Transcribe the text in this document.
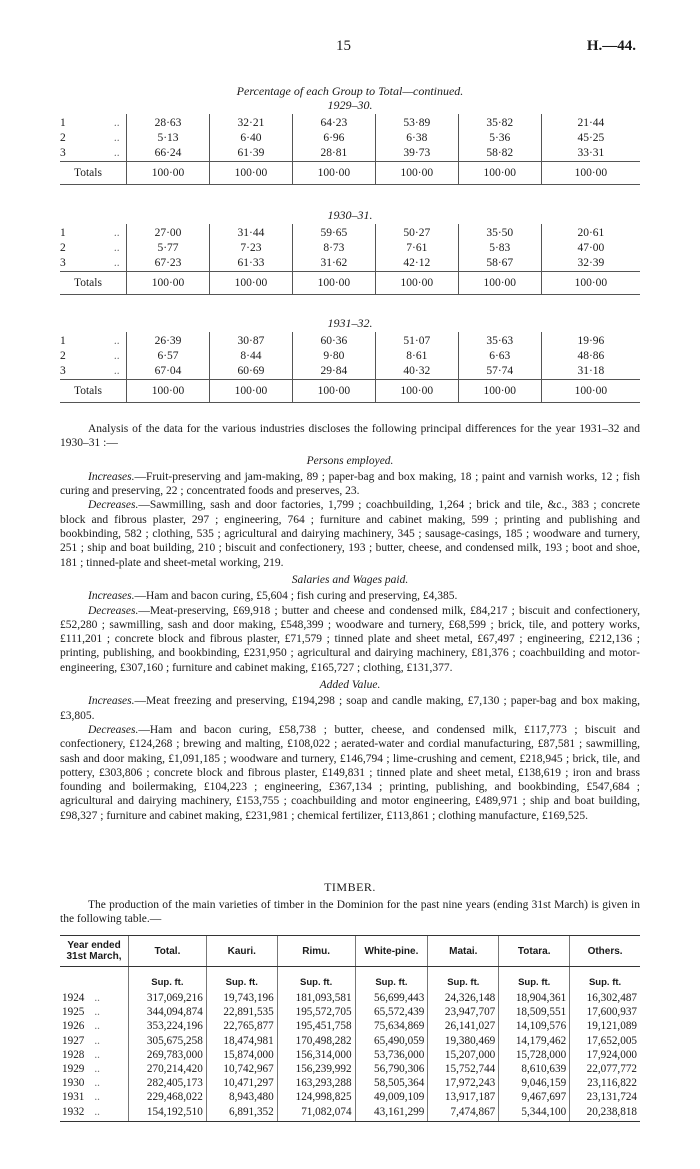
15	H.—44.
Percentage of each Group to Total—continued.
1929–30.
1	..	28·63	32·21	64·23	53·89	35·82	21·44
2	..	5·13	6·40	6·96	6·38	5·36	45·25
3	..	66·24	61·39	28·81	39·73	58·82	33·31
Totals		100·00	100·00	100·00	100·00	100·00	100·00
1930–31.
1	..	27·00	31·44	59·65	50·27	35·50	20·61
2	..	5·77	7·23	8·73	7·61	5·83	47·00
3	..	67·23	61·33	31·62	42·12	58·67	32·39
Totals		100·00	100·00	100·00	100·00	100·00	100·00
1931–32.
1	..	26·39	30·87	60·36	51·07	35·63	19·96
2	..	6·57	8·44	9·80	8·61	6·63	48·86
3	..	67·04	60·69	29·84	40·32	57·74	31·18
Totals		100·00	100·00	100·00	100·00	100·00	100·00

Analysis of the data for the various industries discloses the following principal differences for the year 1931–32 and 1930–31 :—

Persons employed.

Increases.—Fruit-preserving and jam-making, 89 ; paper-bag and box making, 18 ; paint and varnish works, 12 ; fish curing and preserving, 22 ; concentrated foods and preserves, 23.

Decreases.—Sawmilling, sash and door factories, 1,799 ; coachbuilding, 1,264 ; brick and tile, &c., 383 ; concrete block and fibrous plaster, 297 ; engineering, 764 ; furniture and cabinet making, 599 ; printing and publishing and bookbinding, 582 ; clothing, 535 ; agricultural and dairying machinery, 345 ; sausage-casings, 185 ; woodware and turnery, 251 ; ship and boat building, 210 ; biscuit and confectionery, 193 ; butter, cheese, and condensed milk, 193 ; boot and shoe, 181 ; tinned-plate and sheet-metal working, 219.

Salaries and Wages paid.

Increases.—Ham and bacon curing, £5,604 ; fish curing and preserving, £4,385.

Decreases.—Meat-preserving, £69,918 ; butter and cheese and condensed milk, £84,217 ; biscuit and confectionery, £52,280 ; sawmilling, sash and door making, £548,399 ; woodware and turnery, £68,599 ; brick, tile, and pottery works, £111,201 ; concrete block and fibrous plaster, £71,579 ; tinned plate and sheet metal, £67,497 ; engineering, £212,136 ; printing, publishing, and bookbinding, £231,950 ; agricultural and dairying machinery, £81,376 ; coachbuilding and motor-engineering, £307,160 ; furniture and cabinet making, £165,727 ; clothing, £131,377.

Added Value.

Increases.—Meat freezing and preserving, £194,298 ; soap and candle making, £7,130 ; paper-bag and box making, £3,805.

Decreases.—Ham and bacon curing, £58,738 ; butter, cheese, and condensed milk, £117,773 ; biscuit and confectionery, £124,268 ; brewing and malting, £108,022 ; aerated-water and cordial manufacturing, £87,581 ; sawmilling, sash and door making, £1,091,185 ; woodware and turnery, £146,794 ; lime-crushing and cement, £218,945 ; brick, tile, and pottery, £303,806 ; concrete block and fibrous plaster, £149,831 ; tinned plate and sheet metal, £138,619 ; iron and brass founding and boilermaking, £104,223 ; engineering, £367,134 ; printing, publishing, and bookbinding, £547,684 ; agricultural and dairying machinery, £153,755 ; coachbuilding and motor engineering, £489,971 ; ship and boat building, £98,327 ; furniture and cabinet making, £231,981 ; chemical fertilizer, £113,861 ; clothing manufacture, £169,525.

TIMBER.

The production of the main varieties of timber in the Dominion for the past nine years (ending 31st March) is given in the following table.—

Year ended 31st March,	Total.	Kauri.	Rimu.	White-pine.	Matai.	Totara.	Others.
	Sup. ft.	Sup. ft.	Sup. ft.	Sup. ft.	Sup. ft.	Sup. ft.	Sup. ft.
1924 ..	317,069,216	19,743,196	181,093,581	56,699,443	24,326,148	18,904,361	16,302,487
1925 ..	344,094,874	22,891,535	195,572,705	65,572,439	23,947,707	18,509,551	17,600,937
1926 ..	353,224,196	22,765,877	195,451,758	75,634,869	26,141,027	14,109,576	19,121,089
1927 ..	305,675,258	18,474,981	170,498,282	65,490,059	19,380,469	14,179,462	17,652,005
1928 ..	269,783,000	15,874,000	156,314,000	53,736,000	15,207,000	15,728,000	17,924,000
1929 ..	270,214,420	10,742,967	156,239,992	56,790,306	15,752,744	8,610,639	22,077,772
1930 ..	282,405,173	10,471,297	163,293,288	58,505,364	17,972,243	9,046,159	23,116,822
1931 ..	229,468,022	8,943,480	124,998,825	49,009,109	13,917,187	9,467,697	23,131,724
1932 ..	154,192,510	6,891,352	71,082,074	43,161,299	7,474,867	5,344,100	20,238,818
